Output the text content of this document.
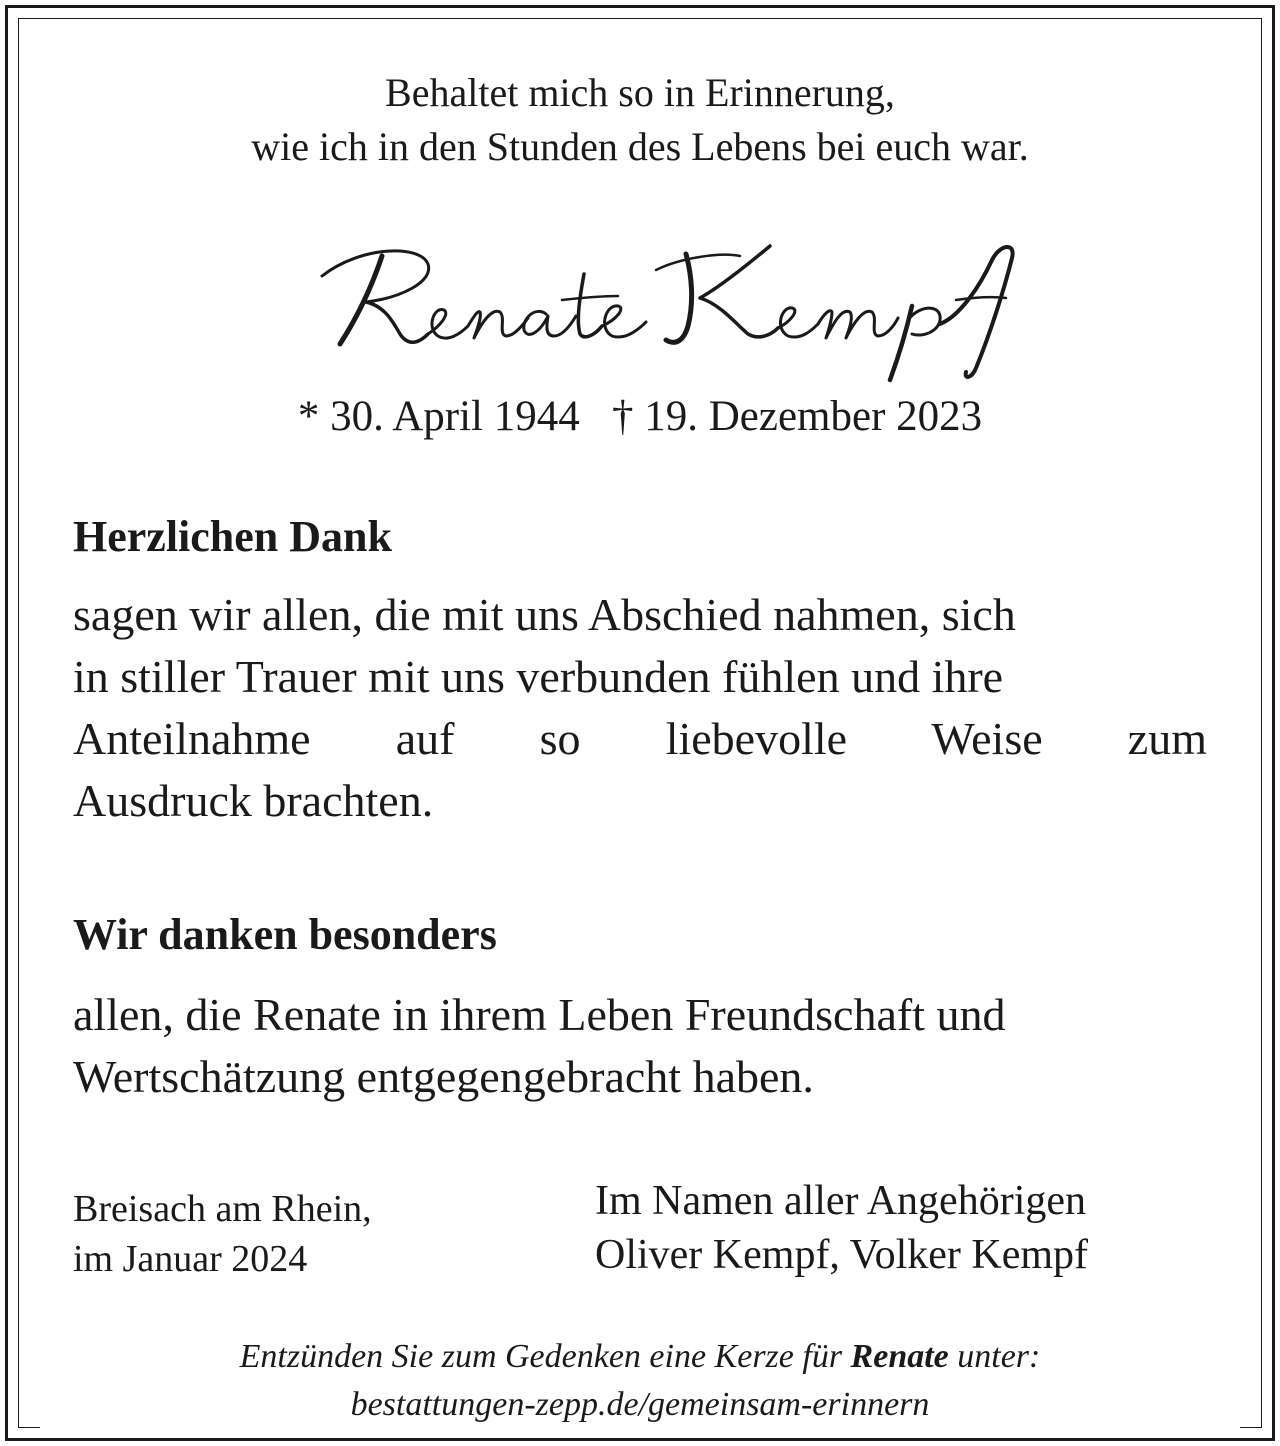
Behaltet mich so in Erinnerung,
wie ich in den Stunden des Lebens bei euch war.
* 30. April 1944 † 19. Dezember 2023
Herzlichen Dank
sagen wir allen, die mit uns Abschied nahmen, sich
in stiller Trauer mit uns verbunden fühlen und ihre
Anteilnahme auf so liebevolle Weise zum
Ausdruck brachten.
Wir danken besonders
allen, die Renate in ihrem Leben Freundschaft und
Wertschätzung entgegengebracht haben.
Breisach am Rhein,
im Januar 2024
Im Namen aller Angehörigen
Oliver Kempf, Volker Kempf
Entzünden Sie zum Gedenken eine Kerze für Renate unter:
bestattungen-zepp.de/gemeinsam-erinnern
